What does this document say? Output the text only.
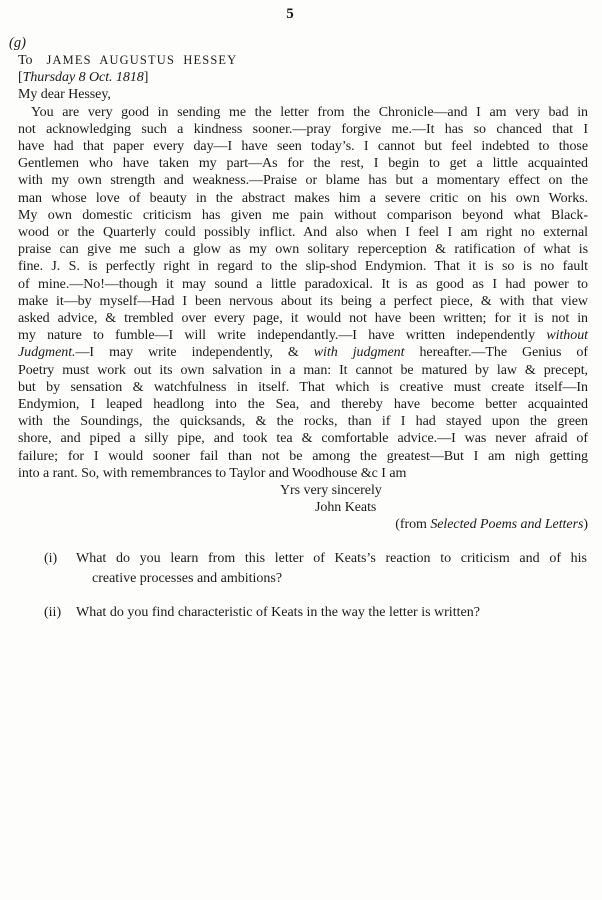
5
(g)
To JAMES AUGUSTUS HESSEY
[Thursday 8 Oct. 1818]
My dear Hessey,
You are very good in sending me the letter from the Chronicle—and I am very bad in
not acknowledging such a kindness sooner.—pray forgive me.—It has so chanced that I
have had that paper every day—I have seen today’s. I cannot but feel indebted to those
Gentlemen who have taken my part—As for the rest, I begin to get a little acquainted
with my own strength and weakness.—Praise or blame has but a momentary effect on the
man whose love of beauty in the abstract makes him a severe critic on his own Works.
My own domestic criticism has given me pain without comparison beyond what Black-
wood or the Quarterly could possibly inflict. And also when I feel I am right no external
praise can give me such a glow as my own solitary reperception & ratification of what is
fine. J. S. is perfectly right in regard to the slip-shod Endymion. That it is so is no fault
of mine.—No!—though it may sound a little paradoxical. It is as good as I had power to
make it—by myself—Had I been nervous about its being a perfect piece, & with that view
asked advice, & trembled over every page, it would not have been written; for it is not in
my nature to fumble—I will write independantly.—I have written independently without
Judgment.—I may write independently, & with judgment hereafter.—The Genius of
Poetry must work out its own salvation in a man: It cannot be matured by law & precept,
but by sensation & watchfulness in itself. That which is creative must create itself—In
Endymion, I leaped headlong into the Sea, and thereby have become better acquainted
with the Soundings, the quicksands, & the rocks, than if I had stayed upon the green
shore, and piped a silly pipe, and took tea & comfortable advice.—I was never afraid of
failure; for I would sooner fail than not be among the greatest—But I am nigh getting
into a rant. So, with remembrances to Taylor and Woodhouse &c I am
Yrs very sincerely
John Keats
(from Selected Poems and Letters)
(i)	What do you learn from this letter of Keats’s reaction to criticism and of his
creative processes and ambitions?
(ii)	What do you find characteristic of Keats in the way the letter is written?
